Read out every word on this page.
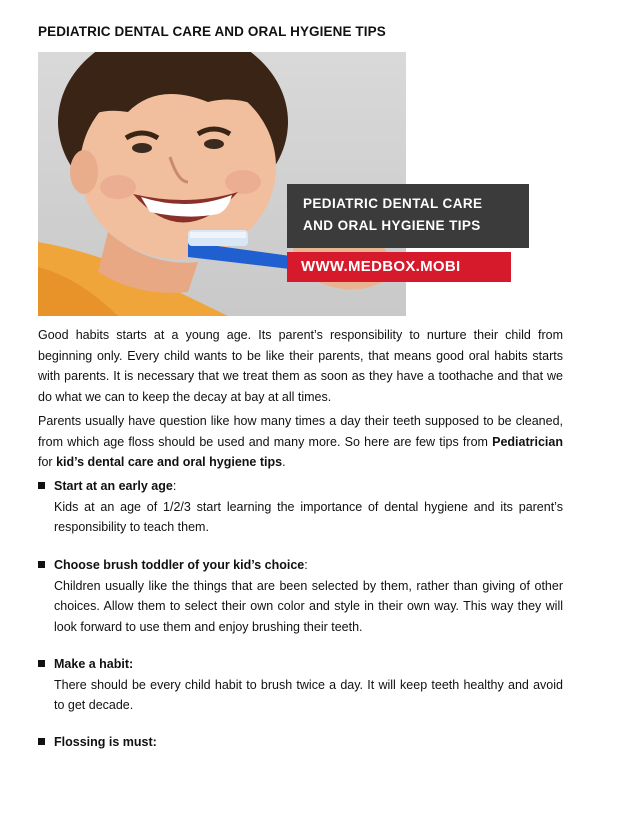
PEDIATRIC DENTAL CARE AND ORAL HYGIENE TIPS
PEDIATRIC DENTAL CARE
AND ORAL HYGIENE TIPS
WWW.MEDBOX.MOBI
Good habits starts at a young age. Its parent’s responsibility to nurture their child from beginning only. Every child wants to be like their parents, that means good oral habits starts with parents. It is necessary that we treat them as soon as they have a toothache and that we do what we can to keep the decay at bay at all times.
Parents usually have question like how many times a day their teeth supposed to be cleaned, from which age floss should be used and many more. So here are few tips from Pediatrician for kid’s dental care and oral hygiene tips.
Start at an early age:
Kids at an age of 1/2/3 start learning the importance of dental hygiene and its parent’s responsibility to teach them.
Choose brush toddler of your kid’s choice:
Children usually like the things that are been selected by them, rather than giving of other choices. Allow them to select their own color and style in their own way. This way they will look forward to use them and enjoy brushing their teeth.
Make a habit:
There should be every child habit to brush twice a day. It will keep teeth healthy and avoid to get decade.
Flossing is must:
